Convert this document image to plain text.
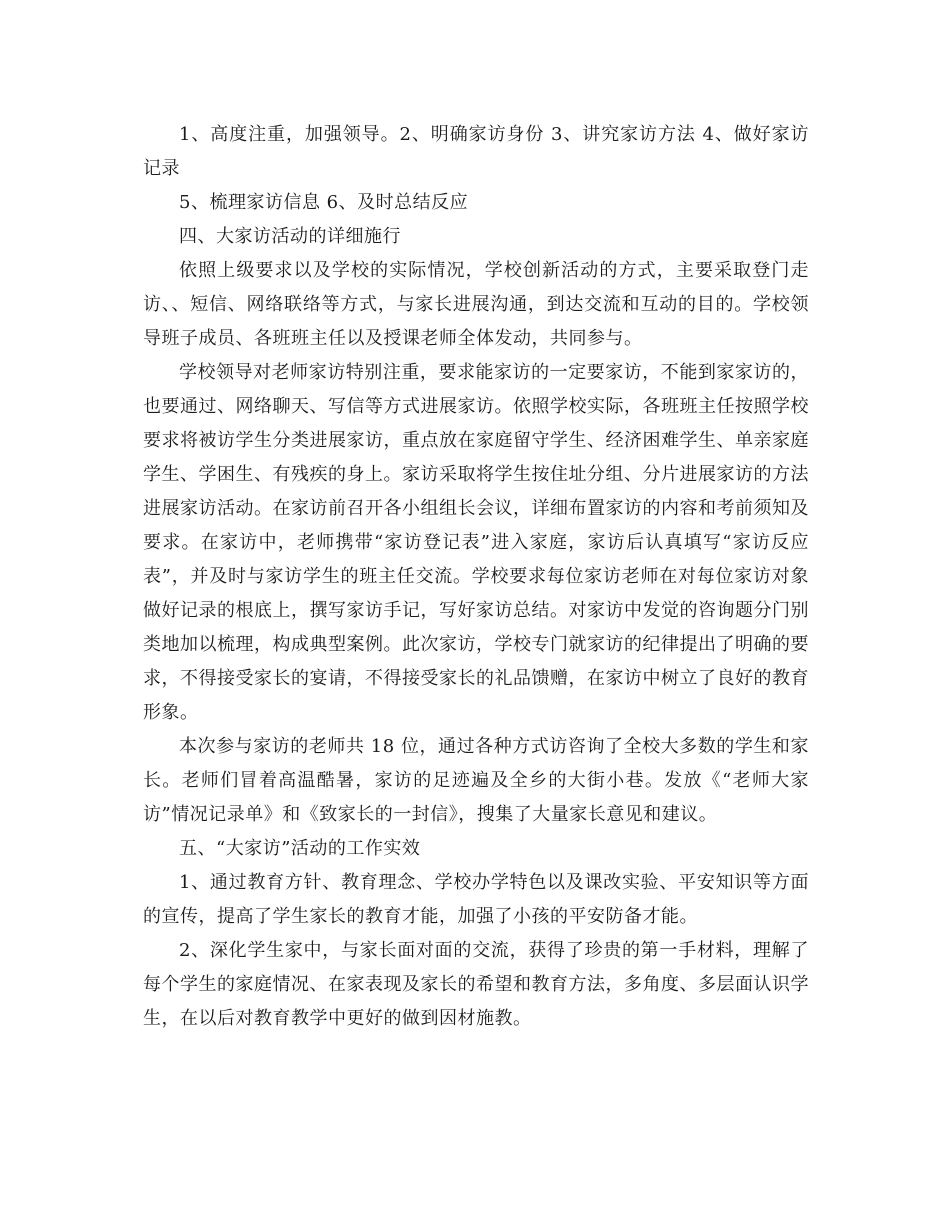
1、高度注重，加强领导。2、明确家访身份 3、讲究家访方法 4、做好家访记录

5、梳理家访信息 6、及时总结反应

四、大家访活动的详细施行

依照上级要求以及学校的实际情况，学校创新活动的方式，主要采取登门走访、、短信、网络联络等方式，与家长进展沟通，到达交流和互动的目的。学校领导班子成员、各班班主任以及授课老师全体发动，共同参与。

学校领导对老师家访特别注重，要求能家访的一定要家访，不能到家家访的，也要通过、网络聊天、写信等方式进展家访。依照学校实际，各班班主任按照学校要求将被访学生分类进展家访，重点放在家庭留守学生、经济困难学生、单亲家庭学生、学困生、有残疾的身上。家访采取将学生按住址分组、分片进展家访的方法进展家访活动。在家访前召开各小组组长会议，详细布置家访的内容和考前须知及要求。在家访中，老师携带“家访登记表”进入家庭，家访后认真填写“家访反应表”，并及时与家访学生的班主任交流。学校要求每位家访老师在对每位家访对象做好记录的根底上，撰写家访手记，写好家访总结。对家访中发觉的咨询题分门别类地加以梳理，构成典型案例。此次家访，学校专门就家访的纪律提出了明确的要求，不得接受家长的宴请，不得接受家长的礼品馈赠，在家访中树立了良好的教育形象。

本次参与家访的老师共 18 位，通过各种方式访咨询了全校大多数的学生和家长。老师们冒着高温酷暑，家访的足迹遍及全乡的大街小巷。发放《“老师大家访”情况记录单》和《致家长的一封信》，搜集了大量家长意见和建议。

五、“大家访”活动的工作实效

1、通过教育方针、教育理念、学校办学特色以及课改实验、平安知识等方面的宣传，提高了学生家长的教育才能，加强了小孩的平安防备才能。

2、深化学生家中，与家长面对面的交流，获得了珍贵的第一手材料，理解了每个学生的家庭情况、在家表现及家长的希望和教育方法，多角度、多层面认识学生，在以后对教育教学中更好的做到因材施教。
